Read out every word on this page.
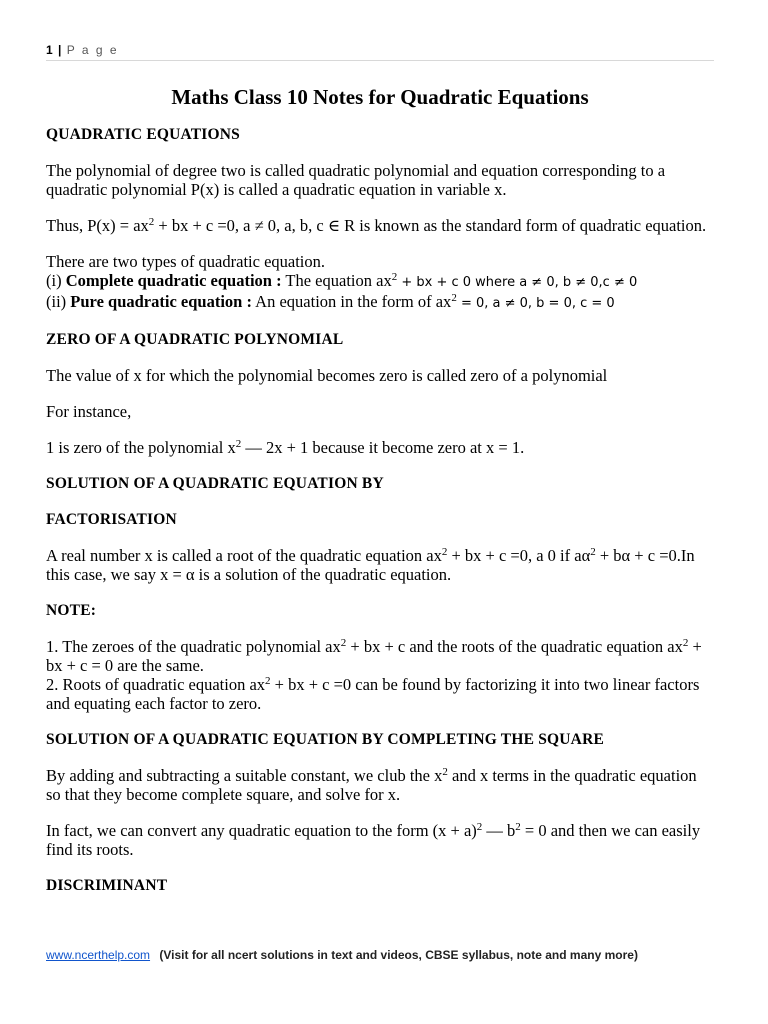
1 | P a g e
Maths Class 10 Notes for Quadratic Equations
QUADRATIC EQUATIONS

The polynomial of degree two is called quadratic polynomial and equation corresponding to a quadratic polynomial P(x) is called a quadratic equation in variable x.

Thus, $P(x) = ax^2$ + bx + c =0, a ≠ 0, a, b, c ∈ R is known as the standard form of quadratic equation.

There are two types of quadratic equation.

(i) Complete quadratic equation : The equation $ax^2$ + bx + c 0 where a ≠ 0, b ≠ 0,c ≠ 0

(ii) Pure quadratic equation : An equation in the form of $ax^2 = 0$, a ≠ 0, b = 0, c = 0

ZERO OF A QUADRATIC POLYNOMIAL

The value of x for which the polynomial becomes zero is called zero of a polynomial

For instance,

1 is zero of the polynomial $x^2$ — 2x + 1 because it become zero at x = 1.

SOLUTION OF A QUADRATIC EQUATION BY
FACTORISATION

A real number x is called a root of the quadratic equation $ax^2$ + bx + c =0, a 0 if $a\alpha^2 + b\alpha + c =0.In$ this case, we say x = α is a solution of the quadratic equation.

NOTE:

1. The zeroes of the quadratic polynomial $ax^2$ + bx + c and the roots of the quadratic equation $ax^2$ + bx + c = 0 are the same.

2. Roots of quadratic equation $ax^2$ + bx + c =0 can be found by factorizing it into two linear factors and equating each factor to zero.

SOLUTION OF A QUADRATIC EQUATION BY COMPLETING THE SQUARE

By adding and subtracting a suitable constant, we club the $x^2$ and x terms in the quadratic equation so that they become complete square, and solve for x.

In fact, we can convert any quadratic equation to the form $(x + a)^2$ — $b^2 = 0$ and then we can easily find its roots.

DISCRIMINANT
www.ncerthelp.com (Visit for all ncert solutions in text and videos, CBSE syllabus, note and many more)
